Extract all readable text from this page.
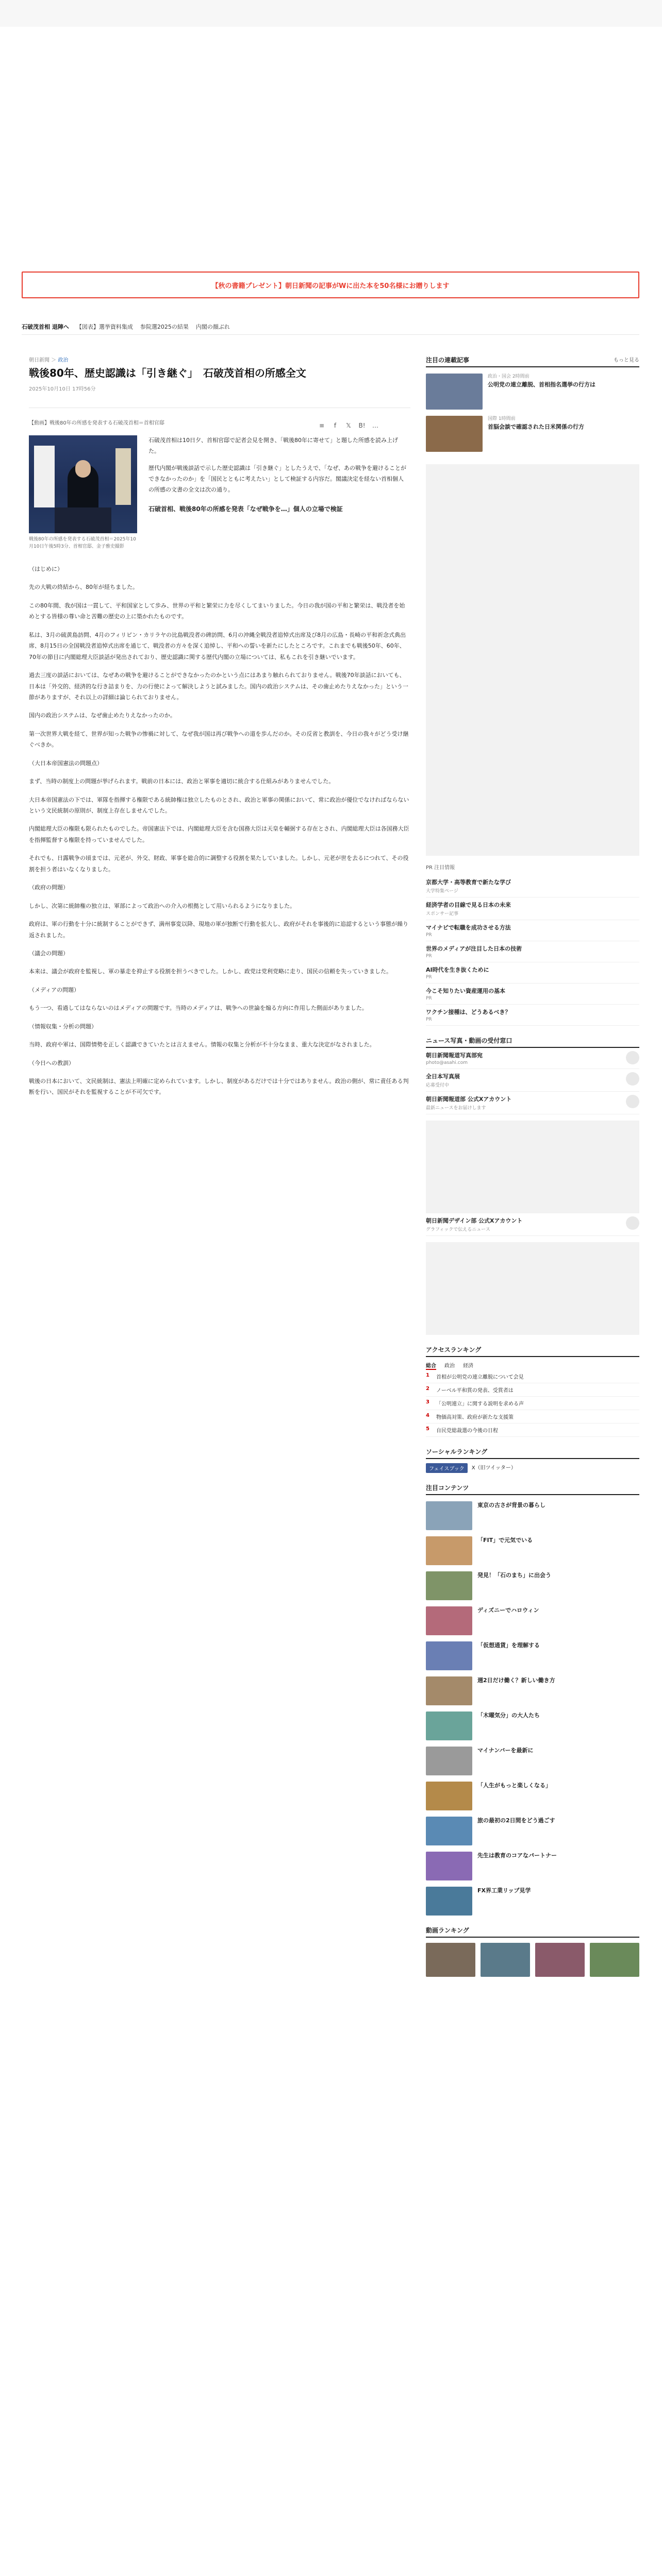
【秋の書籍プレゼント】朝日新聞の記事がWに出た本を50名様にお贈りします
石破茂首相 退陣へ 【図表】選挙資料集成 参院選2025の結果 内閣の顔ぶれ
朝日新聞 ＞ 政治
戦後80年、歴史認識は「引き継ぐ」　石破茂首相の所感全文
2025年10月10日 17時56分
≡	f	𝕏 B! …
【動画】戦後80年の所感を発表する石破茂首相＝首相官邸
戦後80年の所感を発表する石破茂首相＝2025年10月10日午後5時3分、首相官邸、金子雅史撮影

石破茂首相は10日夕、首相官邸で記者会見を開き、「戦後80年に寄せて」と題した所感を読み上げた。

歴代内閣が戦後談話で示した歴史認識は「引き継ぐ」としたうえで、「なぜ、あの戦争を避けることができなかったのか」を「国民とともに考えたい」として検証する内容だ。閣議決定を経ない首相個人の所感の文書の全文は次の通り。

石破首相、戦後80年の所感を発表「なぜ戦争を…」個人の立場で検証

（はじめに）

先の大戦の終結から、80年が経ちました。

この80年間、我が国は一貫して、平和国家として歩み、世界の平和と繁栄に力を尽くしてまいりました。今日の我が国の平和と繁栄は、戦没者を始めとする皆様の尊い命と苦難の歴史の上に築かれたものです。

私は、3月の硫黄島訪問、4月のフィリピン・カリラヤの比島戦没者の碑訪問、6月の沖縄全戦没者追悼式出席及び8月の広島・長崎の平和祈念式典出席、8月15日の全国戦没者追悼式出席を通じて、戦没者の方々を深く追悼し、平和への誓いを新たにしたところです。これまでも戦後50年、60年、70年の節目に内閣総理大臣談話が発出されており、歴史認識に関する歴代内閣の立場については、私もこれを引き継いでいます。

過去三度の談話においては、なぜあの戦争を避けることができなかったのかという点にはあまり触れられておりません。戦後70年談話においても、日本は「外交的、経済的な行き詰まりを、力の行使によって解決しようと試みました。国内の政治システムは、その歯止めたりえなかった」という一節がありますが、それ以上の詳細は論じられておりません。

国内の政治システムは、なぜ歯止めたりえなかったのか。

第一次世界大戦を経て、世界が知った戦争の惨禍に対して、なぜ我が国は再び戦争への道を歩んだのか。その反省と教訓を、今日の我々がどう受け継ぐべきか。

（大日本帝国憲法の問題点）

まず、当時の制度上の問題が挙げられます。戦前の日本には、政治と軍事を適切に統合する仕組みがありませんでした。

大日本帝国憲法の下では、軍隊を指揮する権限である統帥権は独立したものとされ、政治と軍事の関係において、常に政治が優位でなければならないという文民統制の原則が、制度上存在しませんでした。

内閣総理大臣の権限も限られたものでした。帝国憲法下では、内閣総理大臣を含む国務大臣は天皇を輔弼する存在とされ、内閣総理大臣は各国務大臣を指揮監督する権限を持っていませんでした。

それでも、日露戦争の頃までは、元老が、外交、財政、軍事を総合的に調整する役割を果たしていました。しかし、元老が世を去るにつれて、その役割を担う者はいなくなりました。

（政府の問題）

しかし、次第に統帥権の独立は、軍部によって政治への介入の根拠として用いられるようになりました。

政府は、軍の行動を十分に統制することができず、満州事変以降、現地の軍が独断で行動を拡大し、政府がそれを事後的に追認するという事態が繰り返されました。

（議会の問題）

本来は、議会が政府を監視し、軍の暴走を抑止する役割を担うべきでした。しかし、政党は党利党略に走り、国民の信頼を失っていきました。

（メディアの問題）

もう一つ、看過してはならないのはメディアの問題です。当時のメディアは、戦争への世論を煽る方向に作用した側面がありました。

（情報収集・分析の問題）

当時、政府や軍は、国際情勢を正しく認識できていたとは言えません。情報の収集と分析が不十分なまま、重大な決定がなされました。

（今日への教訓）

戦後の日本において、文民統制は、憲法上明確に定められています。しかし、制度があるだけでは十分ではありません。政治の側が、常に責任ある判断を行い、国民がそれを監視することが不可欠です。

注目の連載記事	もっと見る
政治・国会 2時間前
公明党の連立離脱、首相指名選挙の行方は
国際 1時間前
首脳会談で確認された日米関係の行方
PR 注目情報
京都大学・高等教育で新たな学び
大学特集ページ
経済学者の目線で見る日本の未来
スポンサー記事
マイナビで転職を成功させる方法
PR
世界のメディアが注目した日本の技術
PR
AI時代を生き抜くために
PR
今こそ知りたい資産運用の基本
PR
ワクチン接種は、どうあるべき？
PR
ニュース写真・動画の受付窓口
朝日新聞報道写真部宛
photo@asahi.com
全日本写真展
応募受付中
朝日新聞報道部 公式Xアカウント
最新ニュースをお届けします
朝日新聞デザイン部 公式Xアカウント
グラフィックで伝えるニュース
アクセスランキング
総合 政治 経済
1	首相が公明党の連立離脱について会見
2	ノーベル平和賞の発表、受賞者は
3	「公明連立」に関する説明を求める声
4	物価高対策、政府が新たな支援策
5	自民党総裁選の今後の日程
ソーシャルランキング
フェイスブック	X（旧ツイッター）
注目コンテンツ
東京の古さが背景の暮らし
「FIT」で元気でいる
発見！「石のまち」に出会う
ディズニーでハロウィン
「仮想通貨」を理解する
週2日だけ働く？新しい働き方
「木曜気分」の大人たち
マイナンバーを最新に
「人生がもっと楽しくなる」
旅の最初の2日間をどう過ごす
先生は教育のコアなパートナー
FX界工業リップ見学
動画ランキング
